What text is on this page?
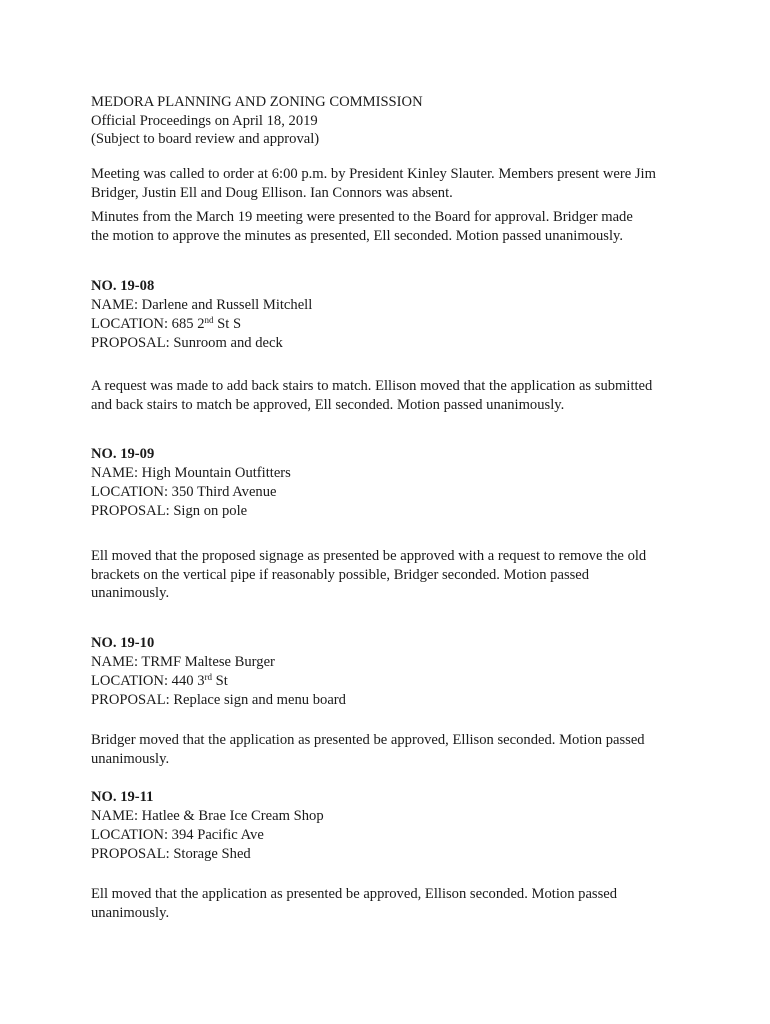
MEDORA PLANNING AND ZONING COMMISSION
Official Proceedings on April 18, 2019
(Subject to board review and approval)
Meeting was called to order at 6:00 p.m. by President Kinley Slauter. Members present were Jim
Bridger, Justin Ell and Doug Ellison. Ian Connors was absent.
Minutes from the March 19 meeting were presented to the Board for approval. Bridger made
the motion to approve the minutes as presented, Ell seconded. Motion passed unanimously.
NO. 19-08
NAME: Darlene and Russell Mitchell
LOCATION: 685 2nd St S
PROPOSAL: Sunroom and deck
A request was made to add back stairs to match. Ellison moved that the application as submitted
and back stairs to match be approved, Ell seconded. Motion passed unanimously.
NO. 19-09
NAME: High Mountain Outfitters
LOCATION: 350 Third Avenue
PROPOSAL: Sign on pole
Ell moved that the proposed signage as presented be approved with a request to remove the old
brackets on the vertical pipe if reasonably possible, Bridger seconded. Motion passed
unanimously.
NO. 19-10
NAME: TRMF Maltese Burger
LOCATION: 440 3rd St
PROPOSAL: Replace sign and menu board
Bridger moved that the application as presented be approved, Ellison seconded. Motion passed
unanimously.
NO. 19-11
NAME: Hatlee & Brae Ice Cream Shop
LOCATION: 394 Pacific Ave
PROPOSAL: Storage Shed
Ell moved that the application as presented be approved, Ellison seconded. Motion passed
unanimously.
